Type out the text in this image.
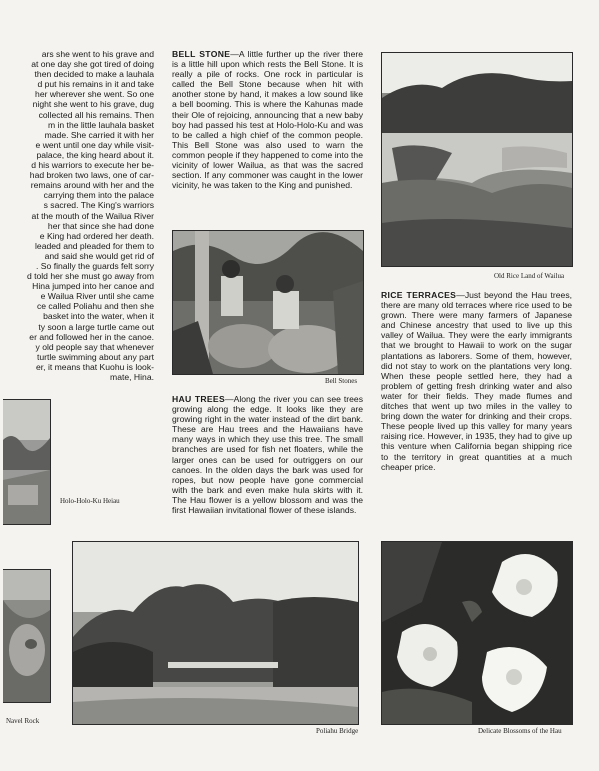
ars she went to his grave and

at one day she got tired of doing

then decided to make a lauhala

d put his remains in it and take

her wherever she went. So one

night she went to his grave, dug

collected all his remains. Then

m in the little lauhala basket

made. She carried it with her

e went until one day while visit-

palace, the king heard about it.

d his warriors to execute her be-

had broken two laws, one of car-

remains around with her and the

carrying them into the palace

s sacred. The King's warriors

at the mouth of the Wailua River

her that since she had done

e King had ordered her death.

leaded and pleaded for them to

and said she would get rid of

. So finally the guards felt sorry

d told her she must go away from

Hina jumped into her canoe and

e Wailua River until she came

ce called Poliahu and then she

basket into the water, when it

ty soon a large turtle came out

er and followed her in the canoe.

y old people say that whenever

turtle swimming about any part

er, it means that Kuohu is look-

mate, Hina.

Holo-Holo-Ku Heiau
Navel Rock

BELL STONE—A little further up the river there is a little hill upon which rests the Bell Stone. It is really a pile of rocks. One rock in particular is called the Bell Stone because when hit with another stone by hand, it makes a low sound like a bell booming. This is where the Kahunas made their Ole of rejoicing, announcing that a new baby boy had passed his test at Holo-Holo-Ku and was to be called a high chief of the common people. This Bell Stone was also used to warn the common people if they happened to come into the vicinity of lower Wailua, as that was the sacred section. If any commoner was caught in the lower vicinity, he was taken to the King and punished.

Bell Stones

HAU TREES—Along the river you can see trees growing along the edge. It looks like they are growing right in the water instead of the dirt bank. These are Hau trees and the Hawaiians have many ways in which they use this tree. The small branches are used for fish net floaters, while the larger ones can be used for outriggers on our canoes. In the olden days the bark was used for ropes, but now people have gone commercial with the bark and even make hula skirts with it. The Hau flower is a yellow blossom and was the first Hawaiian invitational flower of these islands.

Old Rice Land of Wailua

RICE TERRACES—Just beyond the Hau trees, there are many old terraces where rice used to be grown. There were many farmers of Japanese and Chinese ancestry that used to live up this valley of Wailua. They were the early immigrants that we brought to Hawaii to work on the sugar plantations as laborers. Some of them, however, did not stay to work on the plantations very long. When these people settled here, they had a problem of getting fresh drinking water and also water for their fields. They made flumes and ditches that went up two miles in the valley to bring down the water for drinking and their crops. These people lived up this valley for many years raising rice. However, in 1935, they had to give up this venture when California began shipping rice to the territory in great quantities at a much cheaper price.

Poliahu Bridge	Delicate Blossoms of the Hau
